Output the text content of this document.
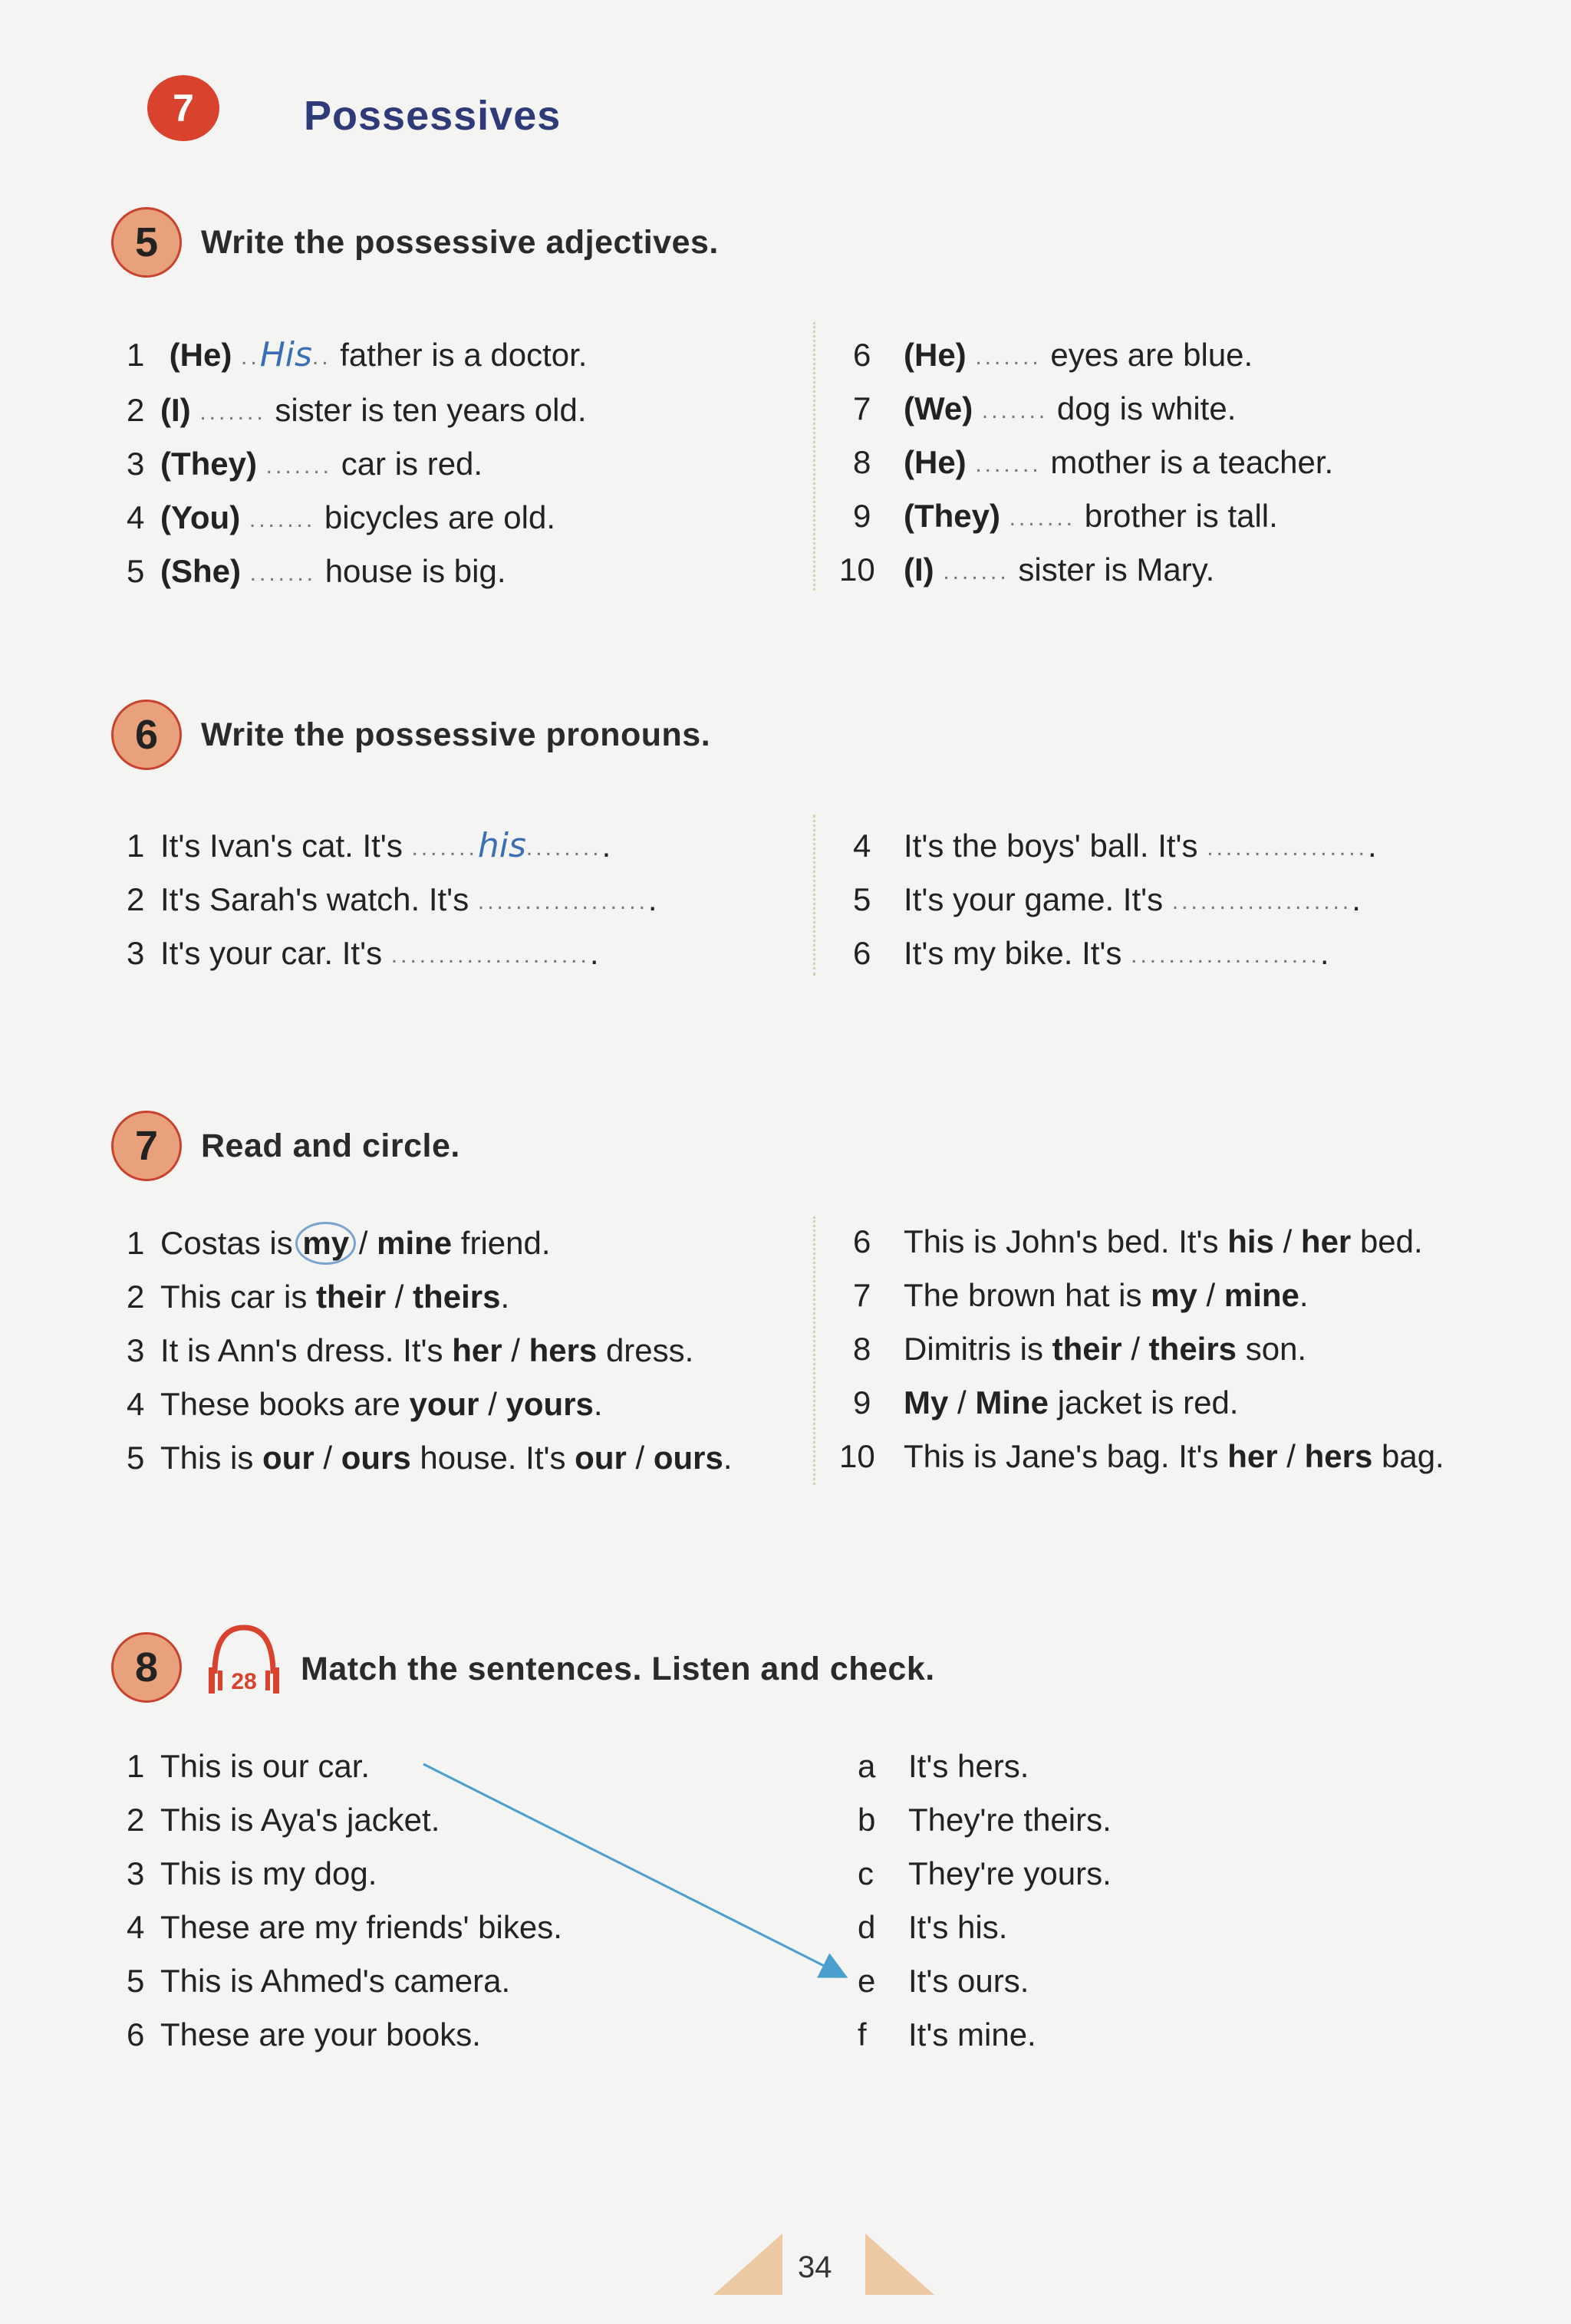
7	Possessives
5	Write the possessive adjectives.
1 (He) ..His.. father is a doctor.
2 (I) ....... sister is ten years old.
3 (They) ....... car is red.
4 (You) ....... bicycles are old.
5 (She) ....... house is big.
6 (He) ....... eyes are blue.
7 (We) ....... dog is white.
8 (He) ....... mother is a teacher.
9 (They) ....... brother is tall.
10 (I) ....... sister is Mary.
6	Write the possessive pronouns.
1 It's Ivan's cat. It's .......his.........
2 It's Sarah's watch. It's ...................
3 It's your car. It's ......................
4 It's the boys' ball. It's ..................
5 It's your game. It's ....................
6 It's my bike. It's .....................
7	Read and circle.
1 Costas is my / mine friend.
2 This car is their / theirs.
3 It is Ann's dress. It's her / hers dress.
4 These books are your / yours.
5 This is our / ours house. It's our / ours.
6 This is John's bed. It's his / her bed.
7 The brown hat is my / mine.
8 Dimitris is their / theirs son.
9 My / Mine jacket is red.
10 This is Jane's bag. It's her / hers bag.
8	28 Match the sentences. Listen and check.
1 This is our car.
2 This is Aya's jacket.
3 This is my dog.
4 These are my friends' bikes.
5 This is Ahmed's camera.
6 These are your books.
a It's hers.
b They're theirs.
c They're yours.
d It's his.
e It's ours.
f It's mine.
34
